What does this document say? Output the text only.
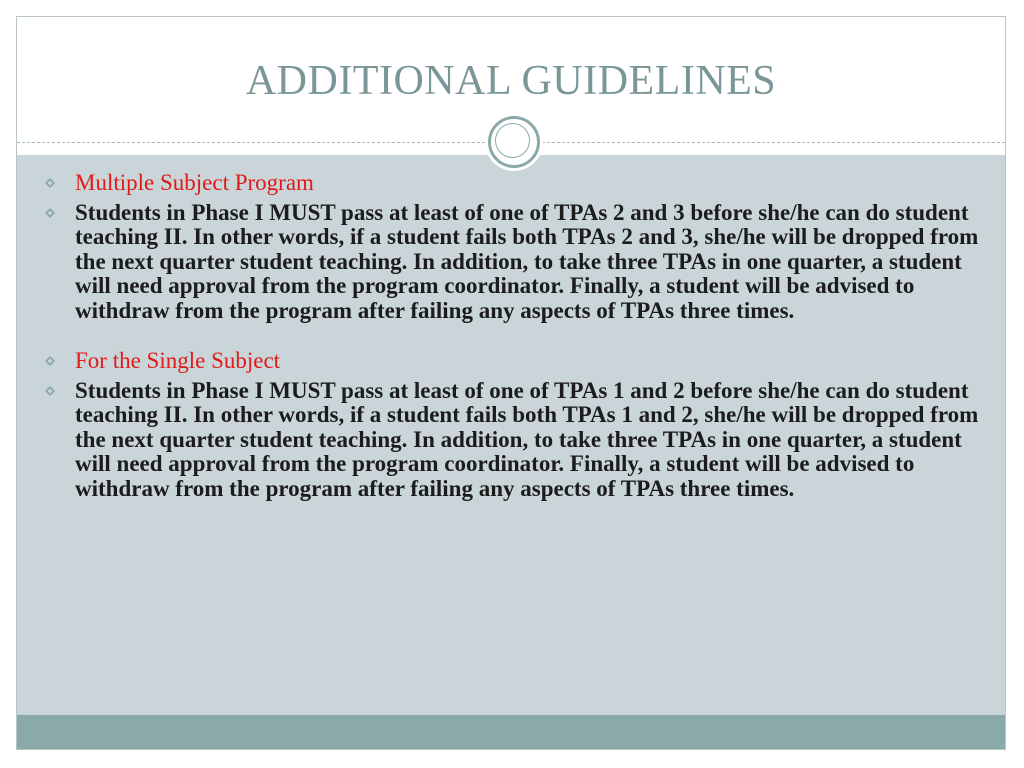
ADDITIONAL GUIDELINES
Multiple Subject Program
Students in Phase I MUST pass at least of one of TPAs 2 and 3 before she/he can do student teaching II. In other words, if a student fails both TPAs 2 and 3, she/he will be dropped from the next quarter student teaching. In addition, to take three TPAs in one quarter, a student will need approval from the program coordinator. Finally, a student will be advised to withdraw from the program after failing any aspects of TPAs three times.
For the Single Subject
Students in Phase I MUST pass at least of one of TPAs 1 and 2 before she/he can do student teaching II. In other words, if a student fails both TPAs 1 and 2, she/he will be dropped from the next quarter student teaching. In addition, to take three TPAs in one quarter, a student will need approval from the program coordinator. Finally, a student will be advised to withdraw from the program after failing any aspects of TPAs three times.
